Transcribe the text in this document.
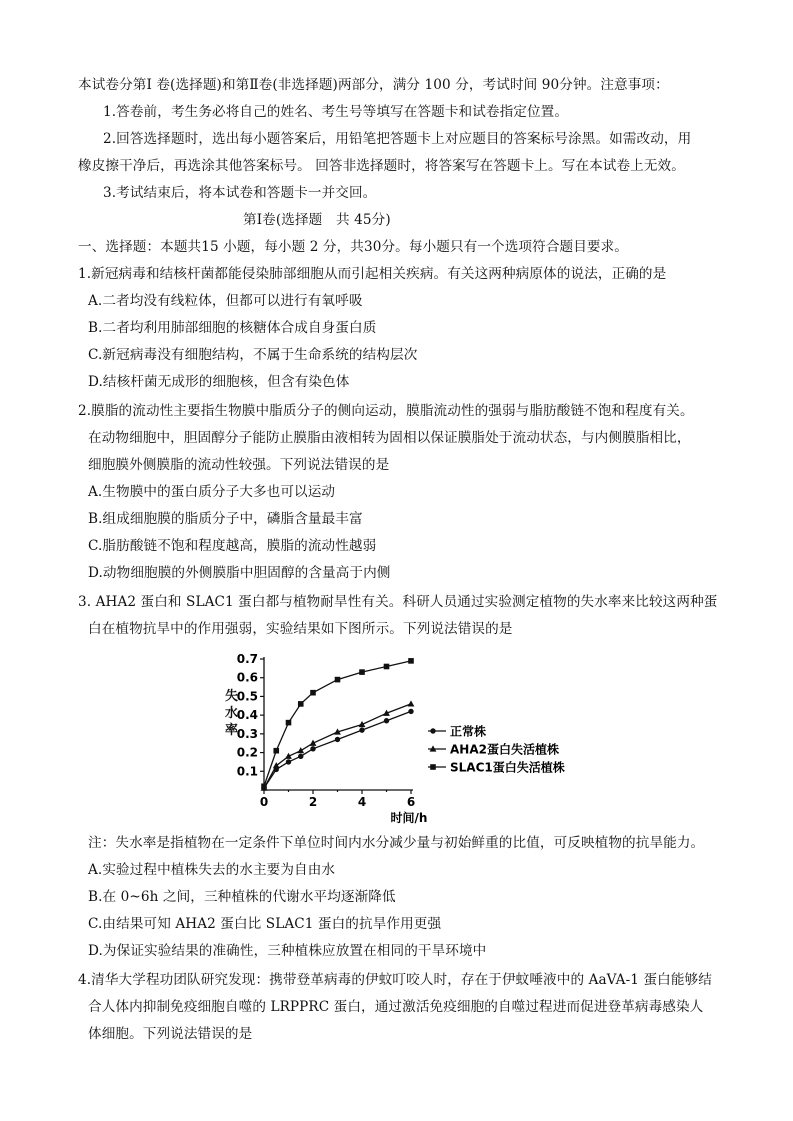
本试卷分第Ⅰ 卷(选择题)和第Ⅱ卷(非选择题)两部分，满分 100 分，考试时间 90分钟。注意事项：
1.答卷前，考生务必将自己的姓名、考生号等填写在答题卡和试卷指定位置。
2.回答选择题时，选出每小题答案后，用铅笔把答题卡上对应题目的答案标号涂黑。如需改动，用
橡皮擦干净后，再选涂其他答案标号。 回答非选择题时，将答案写在答题卡上。写在本试卷上无效。
3.考试结束后，将本试卷和答题卡一并交回。
第Ⅰ卷(选择题　共 45分)
一、选择题：本题共15 小题，每小题 2 分，共30分。每小题只有一个选项符合题目要求。
1.新冠病毒和结核杆菌都能侵染肺部细胞从而引起相关疾病。有关这两种病原体的说法，正确的是
A.二者均没有线粒体，但都可以进行有氧呼吸
B.二者均利用肺部细胞的核糖体合成自身蛋白质
C.新冠病毒没有细胞结构，不属于生命系统的结构层次
D.结核杆菌无成形的细胞核，但含有染色体
2.膜脂的流动性主要指生物膜中脂质分子的侧向运动，膜脂流动性的强弱与脂肪酸链不饱和程度有关。
在动物细胞中，胆固醇分子能防止膜脂由液相转为固相以保证膜脂处于流动状态，与内侧膜脂相比，
细胞膜外侧膜脂的流动性较强。下列说法错误的是
A.生物膜中的蛋白质分子大多也可以运动
B.组成细胞膜的脂质分子中，磷脂含量最丰富
C.脂肪酸链不饱和程度越高，膜脂的流动性越弱
D.动物细胞膜的外侧膜脂中胆固醇的含量高于内侧
3. AHA2 蛋白和 SLAC1 蛋白都与植物耐旱性有关。科研人员通过实验测定植物的失水率来比较这两种蛋
白在植物抗旱中的作用强弱，实验结果如下图所示。下列说法错误的是
失水率
0.1
0.2
0.3
0.4
0.5
0.6
0.7
0	2	4	6
时间/h
正常株
AHA2蛋白失活植株
SLAC1蛋白失活植株
注：失水率是指植物在一定条件下单位时间内水分减少量与初始鲜重的比值，可反映植物的抗旱能力。
A.实验过程中植株失去的水主要为自由水
B.在 0~6h 之间，三种植株的代谢水平均逐渐降低
C.由结果可知 AHA2 蛋白比 SLAC1 蛋白的抗旱作用更强
D.为保证实验结果的准确性，三种植株应放置在相同的干旱环境中
4.清华大学程功团队研究发现：携带登革病毒的伊蚊叮咬人时，存在于伊蚊唾液中的 AaVA-1 蛋白能够结
合人体内抑制免疫细胞自噬的 LRPPRC 蛋白，通过激活免疫细胞的自噬过程进而促进登革病毒感染人
体细胞。下列说法错误的是
